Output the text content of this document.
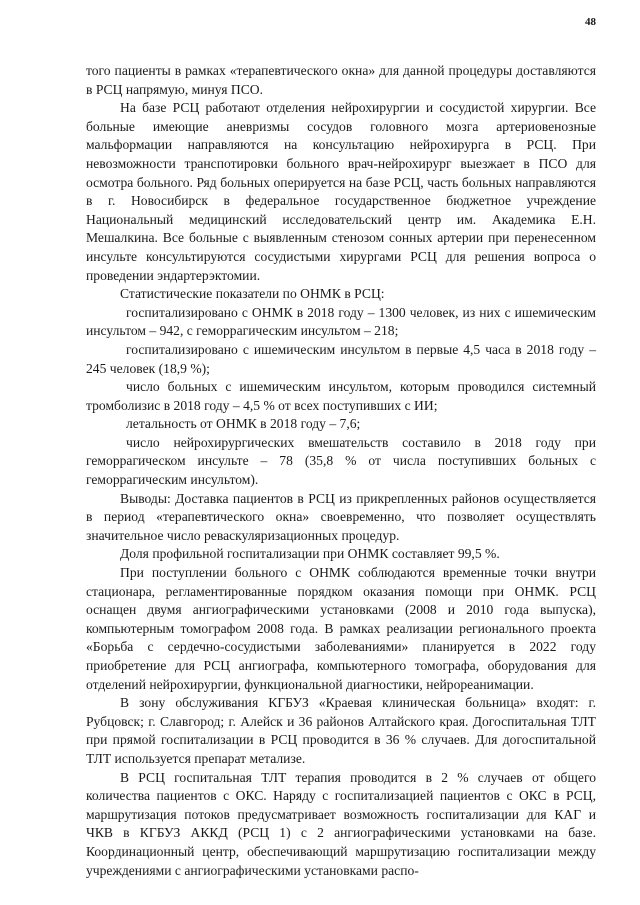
48

того пациенты в рамках «терапевтического окна» для данной процедуры доставляются в РСЦ напрямую, минуя ПСО.

На базе РСЦ работают отделения нейрохирургии и сосудистой хирургии. Все больные имеющие аневризмы сосудов головного мозга артериовенозные мальформации направляются на консультацию нейрохирурга в РСЦ. При невозможности транспотировки больного врач-нейрохирург выезжает в ПСО для осмотра больного. Ряд больных оперируется на базе РСЦ, часть больных направляются в г. Новосибирск в федеральное государственное бюджетное учреждение Национальный медицинский исследовательский центр им. Академика Е.Н. Мешалкина. Все больные с выявленным стенозом сонных артерии при перенесенном инсульте консультируются сосудистыми хирургами РСЦ для решения вопроса о проведении эндартерэктомии.

Статистические показатели по ОНМК в РСЦ:

госпитализировано с ОНМК в 2018 году – 1300 человек, из них с ишемическим инсультом – 942, с геморрагическим инсультом – 218;

госпитализировано с ишемическим инсультом в первые 4,5 часа в 2018 году – 245 человек (18,9 %);

число больных с ишемическим инсультом, которым проводился системный тромболизис в 2018 году – 4,5 % от всех поступивших с ИИ;

летальность от ОНМК в 2018 году – 7,6;

число нейрохирургических вмешательств составило в 2018 году при геморрагическом инсульте – 78 (35,8 % от числа поступивших больных с геморрагическим инсультом).

Выводы: Доставка пациентов в РСЦ из прикрепленных районов осуществляется в период «терапевтического окна» своевременно, что позволяет осуществлять значительное число реваскуляризационных процедур.

Доля профильной госпитализации при ОНМК составляет 99,5 %.

При поступлении больного с ОНМК соблюдаются временные точки внутри стационара, регламентированные порядком оказания помощи при ОНМК. РСЦ оснащен двумя ангиографическими установками (2008 и 2010 года выпуска), компьютерным томографом 2008 года. В рамках реализации регионального проекта «Борьба с сердечно-сосудистыми заболеваниями» планируется в 2022 году приобретение для РСЦ ангиографа, компьютерного томографа, оборудования для отделений нейрохирургии, функциональной диагностики, нейрореанимации.

В зону обслуживания КГБУЗ «Краевая клиническая больница» входят: г. Рубцовск; г. Славгород; г. Алейск и 36 районов Алтайского края. Догоспитальная ТЛТ при прямой госпитализации в РСЦ проводится в 36 % случаев. Для догоспитальной ТЛТ используется препарат метализе.

В РСЦ госпитальная ТЛТ терапия проводится в 2 % случаев от общего количества пациентов с ОКС. Наряду с госпитализацией пациентов с ОКС в РСЦ, маршрутизация потоков предусматривает возможность госпитализации для КАГ и ЧКВ в КГБУЗ АККД (РСЦ 1) с 2 ангиографическими установками на базе. Координационный центр, обеспечивающий маршрутизацию госпитализации между учреждениями с ангиографическими установками распо-
